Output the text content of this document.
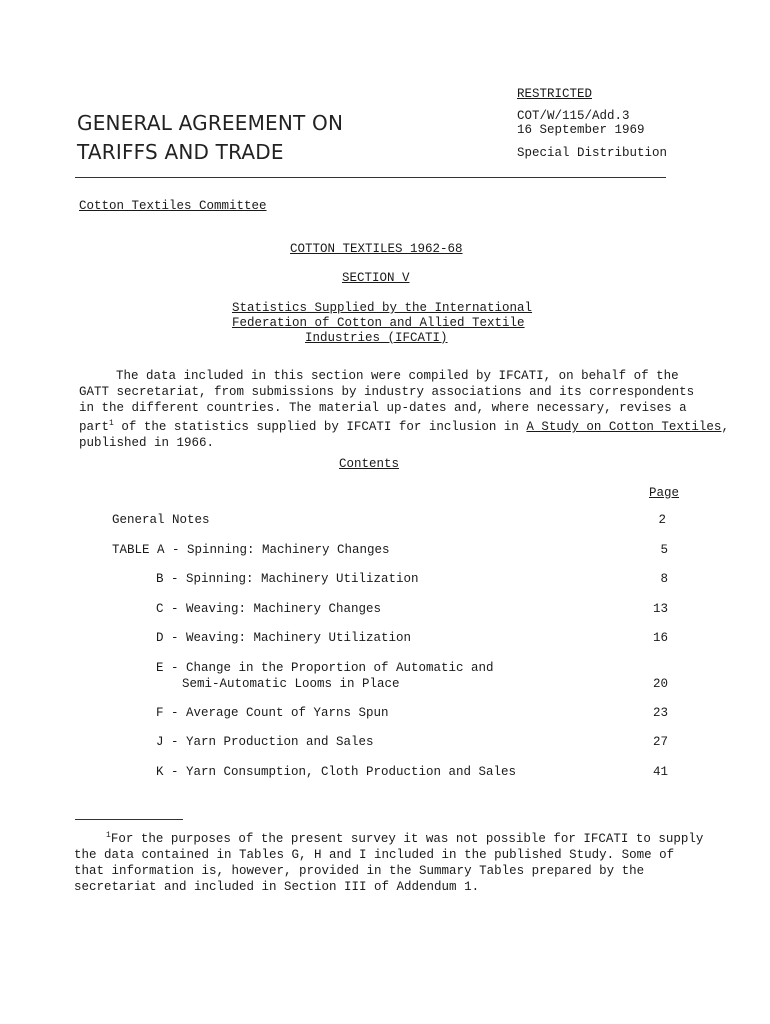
RESTRICTED
COT/W/115/Add.3
16 September 1969
Special Distribution
GENERAL AGREEMENT ON
TARIFFS AND TRADE
Cotton Textiles Committee
COTTON TEXTILES 1962-68
SECTION V
Statistics Supplied by the International
Federation of Cotton and Allied Textile
Industries (IFCATI)

The data included in this section were compiled by IFCATI, on behalf of the

GATT secretariat, from submissions by industry associations and its correspondents

in the different countries. The material up-dates and, where necessary, revises a

part$^1$ of the statistics supplied by IFCATI for inclusion in A Study on Cotton Textiles,

published in 1966.

Contents
Page
General Notes	2
TABLE A - Spinning: Machinery Changes	5
B - Spinning: Machinery Utilization	8
C - Weaving: Machinery Changes	13
D - Weaving: Machinery Utilization	16
E - Change in the Proportion of Automatic and
Semi-Automatic Looms in Place	20
F - Average Count of Yarns Spun	23
J - Yarn Production and Sales	27
K - Yarn Consumption, Cloth Production and Sales	41

$^1$For the purposes of the present survey it was not possible for IFCATI to supply

the data contained in Tables G, H and I included in the published Study. Some of

that information is, however, provided in the Summary Tables prepared by the

secretariat and included in Section III of Addendum 1.
